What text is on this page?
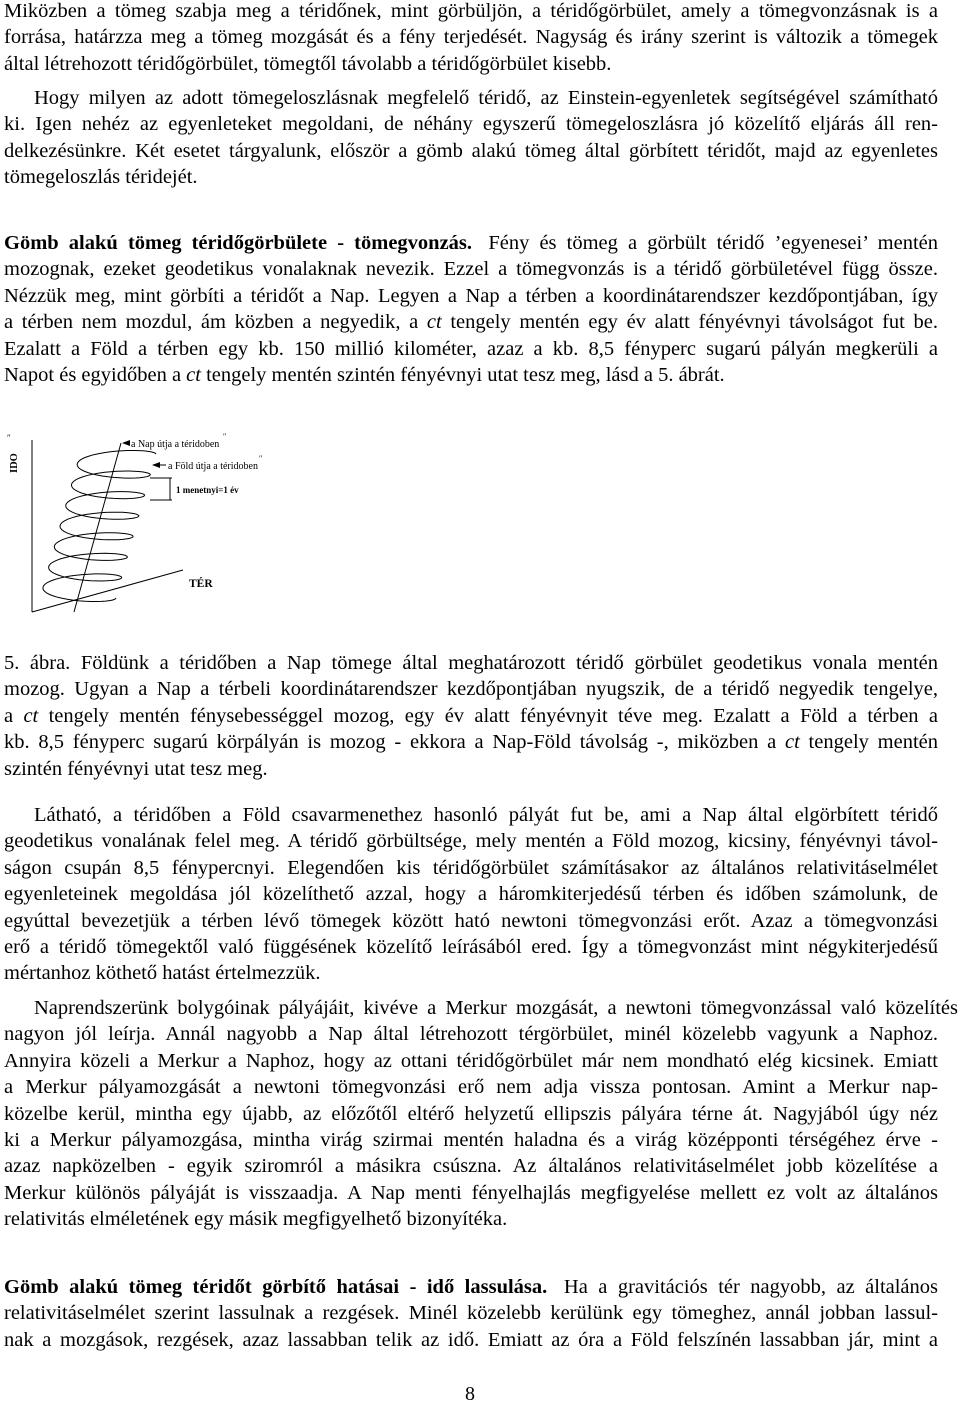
Miközben a tömeg szabja meg a téridőnek, mint görbüljön, a téridőgörbület, amely a tömegvonzásnak is a
forrása, határzza meg a tömeg mozgását és a fény terjedését. Nagyság és irány szerint is változik a tömegek
által létrehozott téridőgörbület, tömegtől távolabb a téridőgörbület kisebb.
Hogy milyen az adott tömegeloszlásnak megfelelő téridő, az Einstein-egyenletek segítségével számítható
ki. Igen nehéz az egyenleteket megoldani, de néhány egyszerű tömegeloszlásra jó közelítő eljárás áll ren-
delkezésünkre. Két esetet tárgyalunk, először a gömb alakú tömeg által görbített téridőt, majd az egyenletes
tömegeloszlás téridejét.
Gömb alakú tömeg téridőgörbülete - tömegvonzás. Fény és tömeg a görbült téridő ’egyenesei’ mentén
mozognak, ezeket geodetikus vonalaknak nevezik. Ezzel a tömegvonzás is a téridő görbületével függ össze.
Nézzük meg, mint görbíti a téridőt a Nap. Legyen a Nap a térben a koordinátarendszer kezdőpontjában, így
a térben nem mozdul, ám közben a negyedik, a ct tengely mentén egy év alatt fényévnyi távolságot fut be.
Ezalatt a Föld a térben egy kb. 150 millió kilométer, azaz a kb. 8,5 fényperc sugarú pályán megkerüli a
Napot és egyidőben a ct tengely mentén szintén fényévnyi utat tesz meg, lásd a 5. ábrát.
″
IDO
a Nap útja a téridoben
″
a Föld útja a téridoben
″
1 menetnyi=1 év
TÉR
5. ábra. Földünk a téridőben a Nap tömege által meghatározott téridő görbület geodetikus vonala mentén
mozog. Ugyan a Nap a térbeli koordinátarendszer kezdőpontjában nyugszik, de a téridő negyedik tengelye,
a ct tengely mentén fénysebességgel mozog, egy év alatt fényévnyit téve meg. Ezalatt a Föld a térben a
kb. 8,5 fényperc sugarú körpályán is mozog - ekkora a Nap-Föld távolság -, miközben a ct tengely mentén
szintén fényévnyi utat tesz meg.
Látható, a téridőben a Föld csavarmenethez hasonló pályát fut be, ami a Nap által elgörbített téridő
geodetikus vonalának felel meg. A téridő görbültsége, mely mentén a Föld mozog, kicsiny, fényévnyi távol-
ságon csupán 8,5 fénypercnyi. Elegendően kis téridőgörbület számításakor az általános relativitáselmélet
egyenleteinek megoldása jól közelíthető azzal, hogy a háromkiterjedésű térben és időben számolunk, de
egyúttal bevezetjük a térben lévő tömegek között ható newtoni tömegvonzási erőt. Azaz a tömegvonzási
erő a téridő tömegektől való függésének közelítő leírásából ered. Így a tömegvonzást mint négykiterjedésű
mértanhoz köthető hatást értelmezzük.
Naprendszerünk bolygóinak pályájáit, kivéve a Merkur mozgását, a newtoni tömegvonzással való közelítés
nagyon jól leírja. Annál nagyobb a Nap által létrehozott térgörbület, minél közelebb vagyunk a Naphoz.
Annyira közeli a Merkur a Naphoz, hogy az ottani téridőgörbület már nem mondható elég kicsinek. Emiatt
a Merkur pályamozgását a newtoni tömegvonzási erő nem adja vissza pontosan. Amint a Merkur nap-
közelbe kerül, mintha egy újabb, az előzőtől eltérő helyzetű ellipszis pályára térne át. Nagyjából úgy néz
ki a Merkur pályamozgása, mintha virág szirmai mentén haladna és a virág középponti térségéhez érve -
azaz napközelben - egyik sziromról a másikra csúszna. Az általános relativitáselmélet jobb közelítése a
Merkur különös pályáját is visszaadja. A Nap menti fényelhajlás megfigyelése mellett ez volt az általános
relativitás elméletének egy másik megfigyelhető bizonyítéka.
Gömb alakú tömeg téridőt görbítő hatásai - idő lassulása. Ha a gravitációs tér nagyobb, az általános
relativitáselmélet szerint lassulnak a rezgések. Minél közelebb kerülünk egy tömeghez, annál jobban lassul-
nak a mozgások, rezgések, azaz lassabban telik az idő. Emiatt az óra a Föld felszínén lassabban jár, mint a
8
